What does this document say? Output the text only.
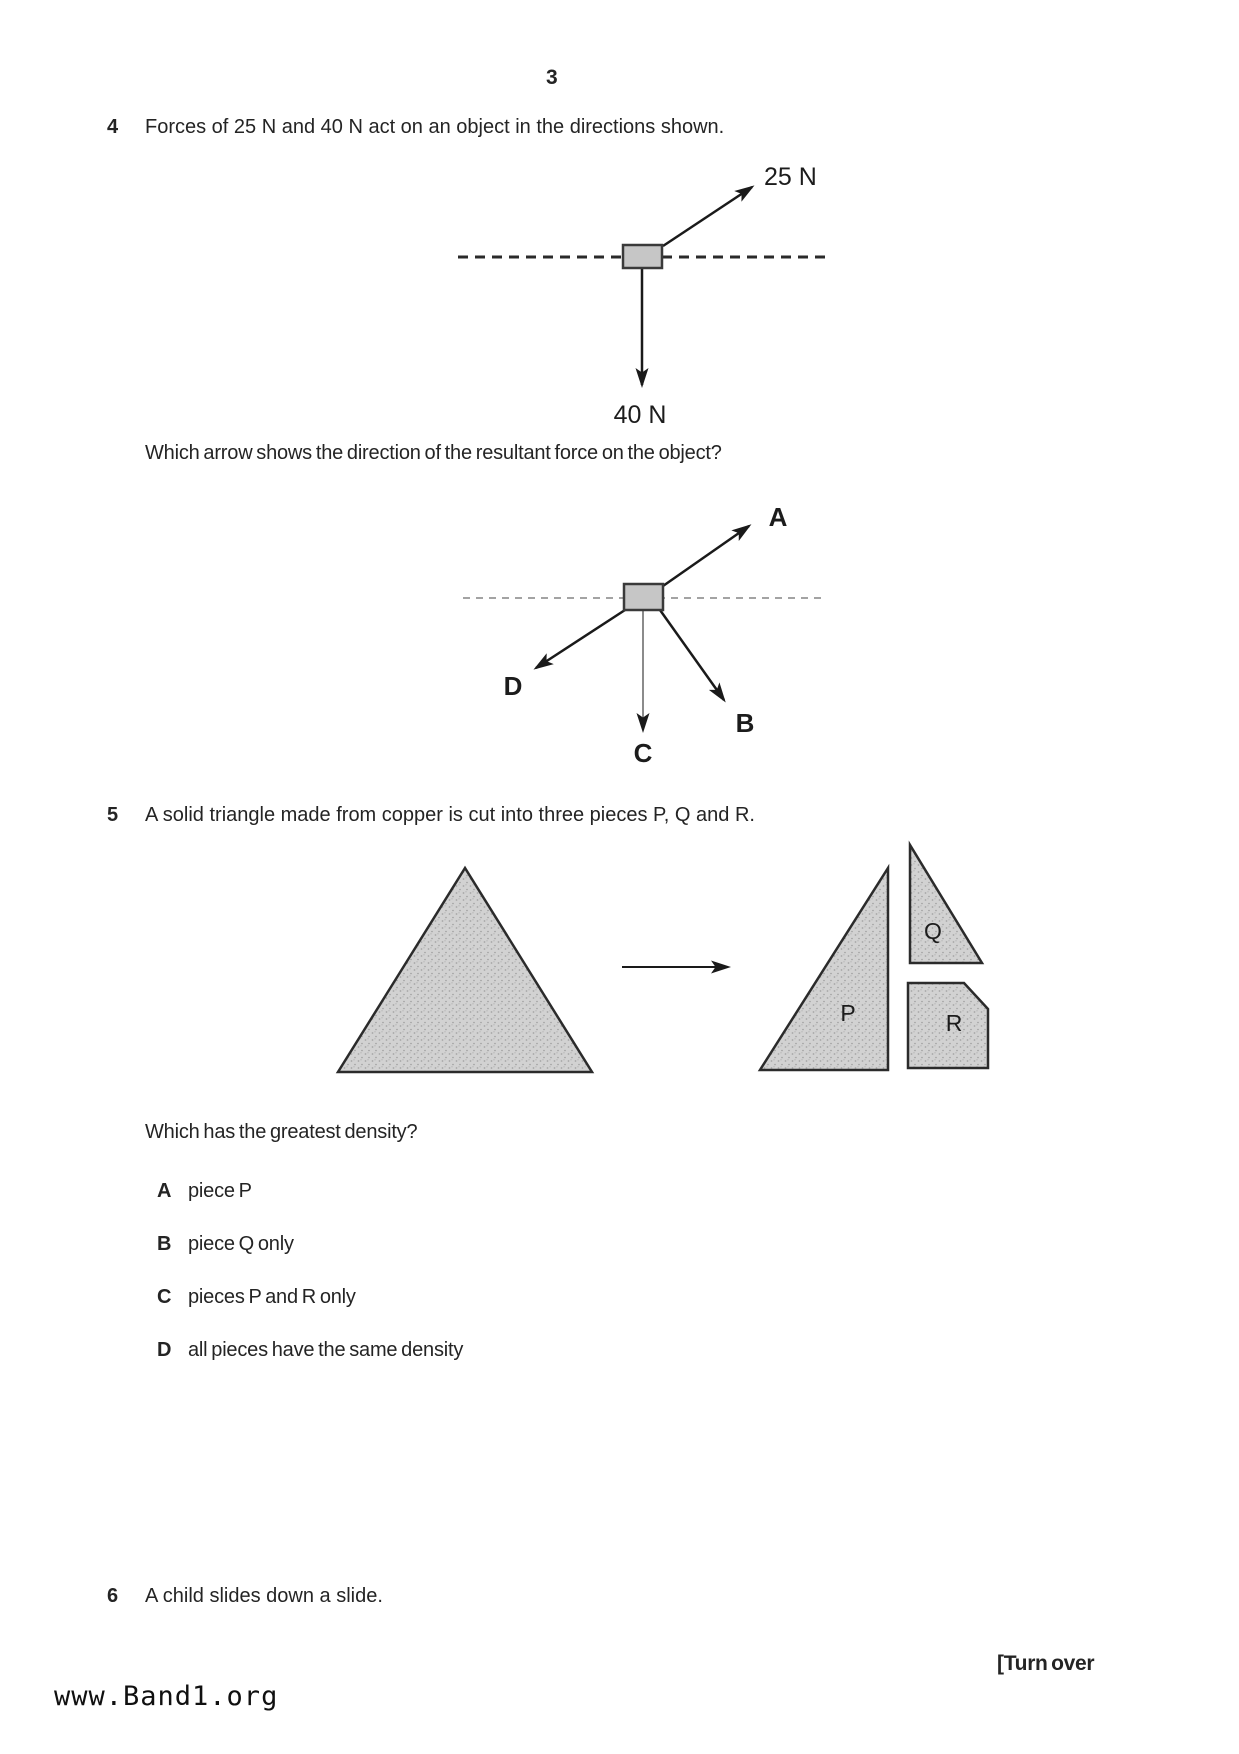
3
4 Forces of 25 N and 40 N act on an object in the directions shown.
25 N
40 N
Which arrow shows the direction of the resultant force on the object?
A
B
C
D
5 A solid triangle made from copper is cut into three pieces P, Q and R.
P
Q
R
Which has the greatest density?
A piece P
B piece Q only
C pieces P and R only
D all pieces have the same density
6 A child slides down a slide.
[Turn over
www.Band1.org
